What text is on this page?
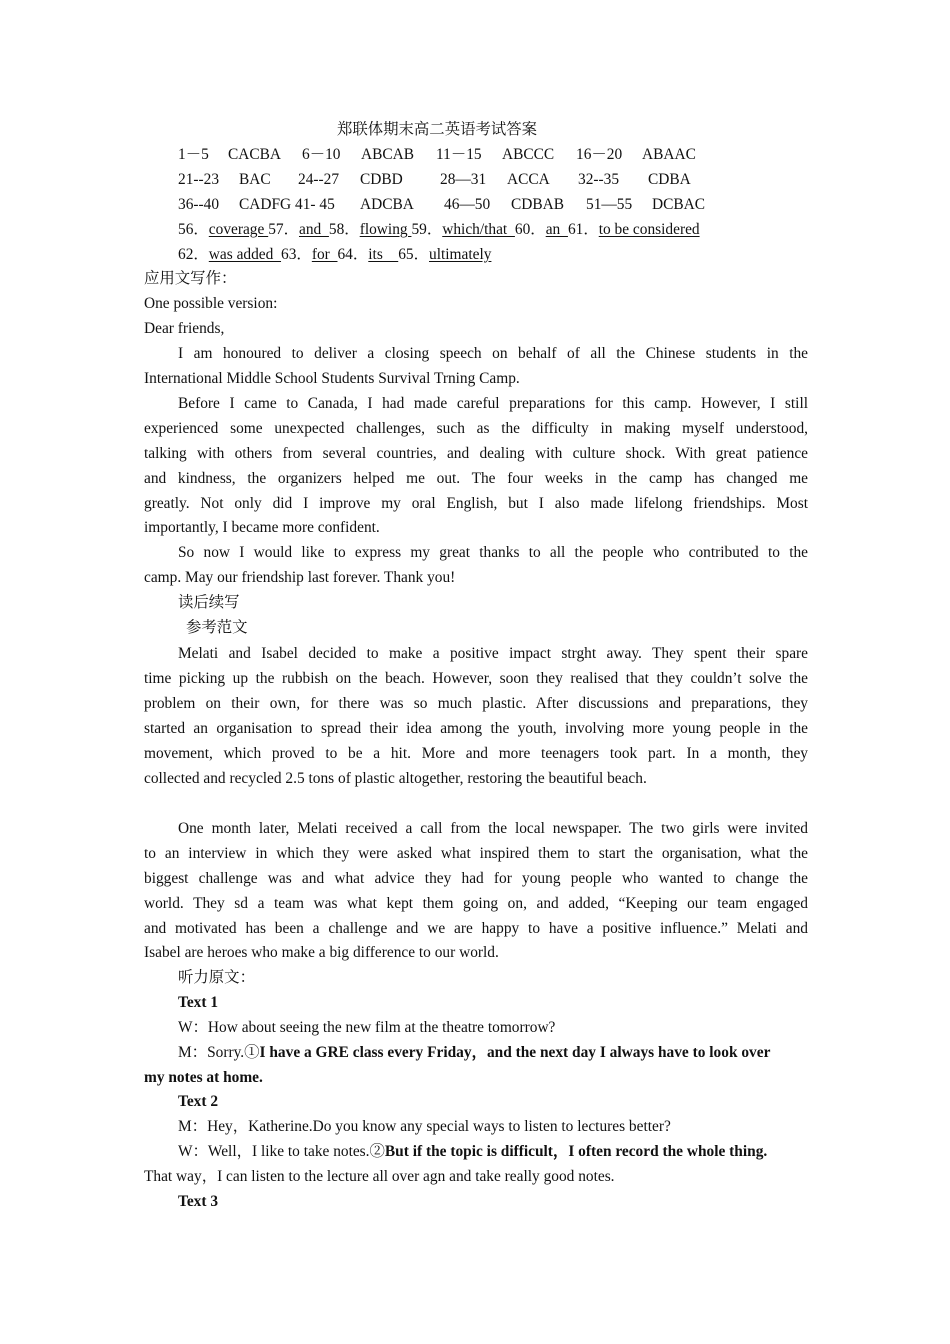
郑联体期末高二英语考试答案
1－5 CACBA 6－10 ABCAB 11－15 ABCCC 16－20 ABAAC
21--23 BAC 24--27 CDBD 28—31 ACCA 32--35 CDBA
36--40 CADFG 41- 45 ADCBA 46—50 CDBAB 51—55 DCBAC
56．coverage 57．and  58．flowing 59．which/that  60．an  61．to be considered
62．was added  63．for  64．its    65．ultimately
应用文写作：
One possible version:
Dear friends,
I am honoured to deliver a closing speech on behalf of all the Chinese students in the
International Middle School Students Survival Trning Camp.
Before I came to Canada, I had made careful preparations for this camp. However, I still
experienced some unexpected challenges, such as the difficulty in making myself understood,
talking with others from several countries, and dealing with culture shock. With great patience
and kindness, the organizers helped me out. The four weeks in the camp has changed me
greatly. Not only did I improve my oral English, but I also made lifelong friendships. Most
importantly, I became more confident.
So now I would like to express my great thanks to all the people who contributed to the
camp. May our friendship last forever. Thank you!
读后续写
参考范文
Melati and Isabel decided to make a positive impact strght away. They spent their spare
time picking up the rubbish on the beach. However, soon they realised that they couldn’t solve the
problem on their own, for there was so much plastic. After discussions and preparations, they
started an organisation to spread their idea among the youth, involving more young people in the
movement, which proved to be a hit. More and more teenagers took part. In a month, they
collected and recycled 2.5 tons of plastic altogether, restoring the beautiful beach.
One month later, Melati received a call from the local newspaper. The two girls were invited
to an interview in which they were asked what inspired them to start the organisation, what the
biggest challenge was and what advice they had for young people who wanted to change the
world. They sd a team was what kept them going on, and added, “Keeping our team engaged
and motivated has been a challenge and we are happy to have a positive influence.” Melati and
Isabel are heroes who make a big difference to our world.
听力原文：
Text 1
W：How about seeing the new film at the theatre tomorrow?
M：Sorry.①I have a GRE class every Friday，and the next day I always have to look over
my notes at home.
Text 2
M：Hey，Katherine.Do you know any special ways to listen to lectures better?
W：Well，I like to take notes.②But if the topic is difficult，I often record the whole thing.
That way，I can listen to the lecture all over agn and take really good notes.
Text 3
